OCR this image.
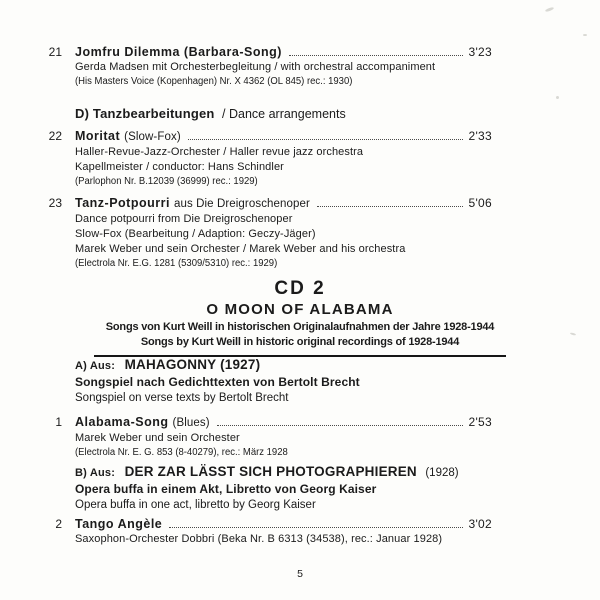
21	Jomfru Dilemma (Barbara-Song)	3'23
Gerda Madsen mit Orchesterbegleitung / with orchestral accompaniment
(His Masters Voice (Kopenhagen) Nr. X 4362 (OL 845) rec.: 1930)
D) Tanzbearbeitungen / Dance arrangements
22	Moritat (Slow-Fox)	2'33
Haller-Revue-Jazz-Orchester / Haller revue jazz orchestra
Kapellmeister / conductor: Hans Schindler
(Parlophon Nr. B.12039 (36999) rec.: 1929)
23	Tanz-Potpourri aus Die Dreigroschenoper	5'06
Dance potpourri from Die Dreigroschenoper
Slow-Fox (Bearbeitung / Adaption: Geczy-Jäger)
Marek Weber und sein Orchester / Marek Weber and his orchestra
(Electrola Nr. E.G. 1281 (5309/5310) rec.: 1929)
CD 2
O MOON OF ALABAMA
Songs von Kurt Weill in historischen Originalaufnahmen der Jahre 1928-1944
Songs by Kurt Weill in historic original recordings of 1928-1944
A) Aus: MAHAGONNY (1927)
Songspiel nach Gedichttexten von Bertolt Brecht
Songspiel on verse texts by Bertolt Brecht
1	Alabama-Song (Blues)	2'53
Marek Weber und sein Orchester
(Electrola Nr. E. G. 853 (8-40279), rec.: März 1928
B) Aus: DER ZAR LÄSST SICH PHOTOGRAPHIEREN (1928)
Opera buffa in einem Akt, Libretto von Georg Kaiser
Opera buffa in one act, libretto by Georg Kaiser
2	Tango Angèle	3'02
Saxophon-Orchester Dobbri (Beka Nr. B 6313 (34538), rec.: Januar 1928)
5
